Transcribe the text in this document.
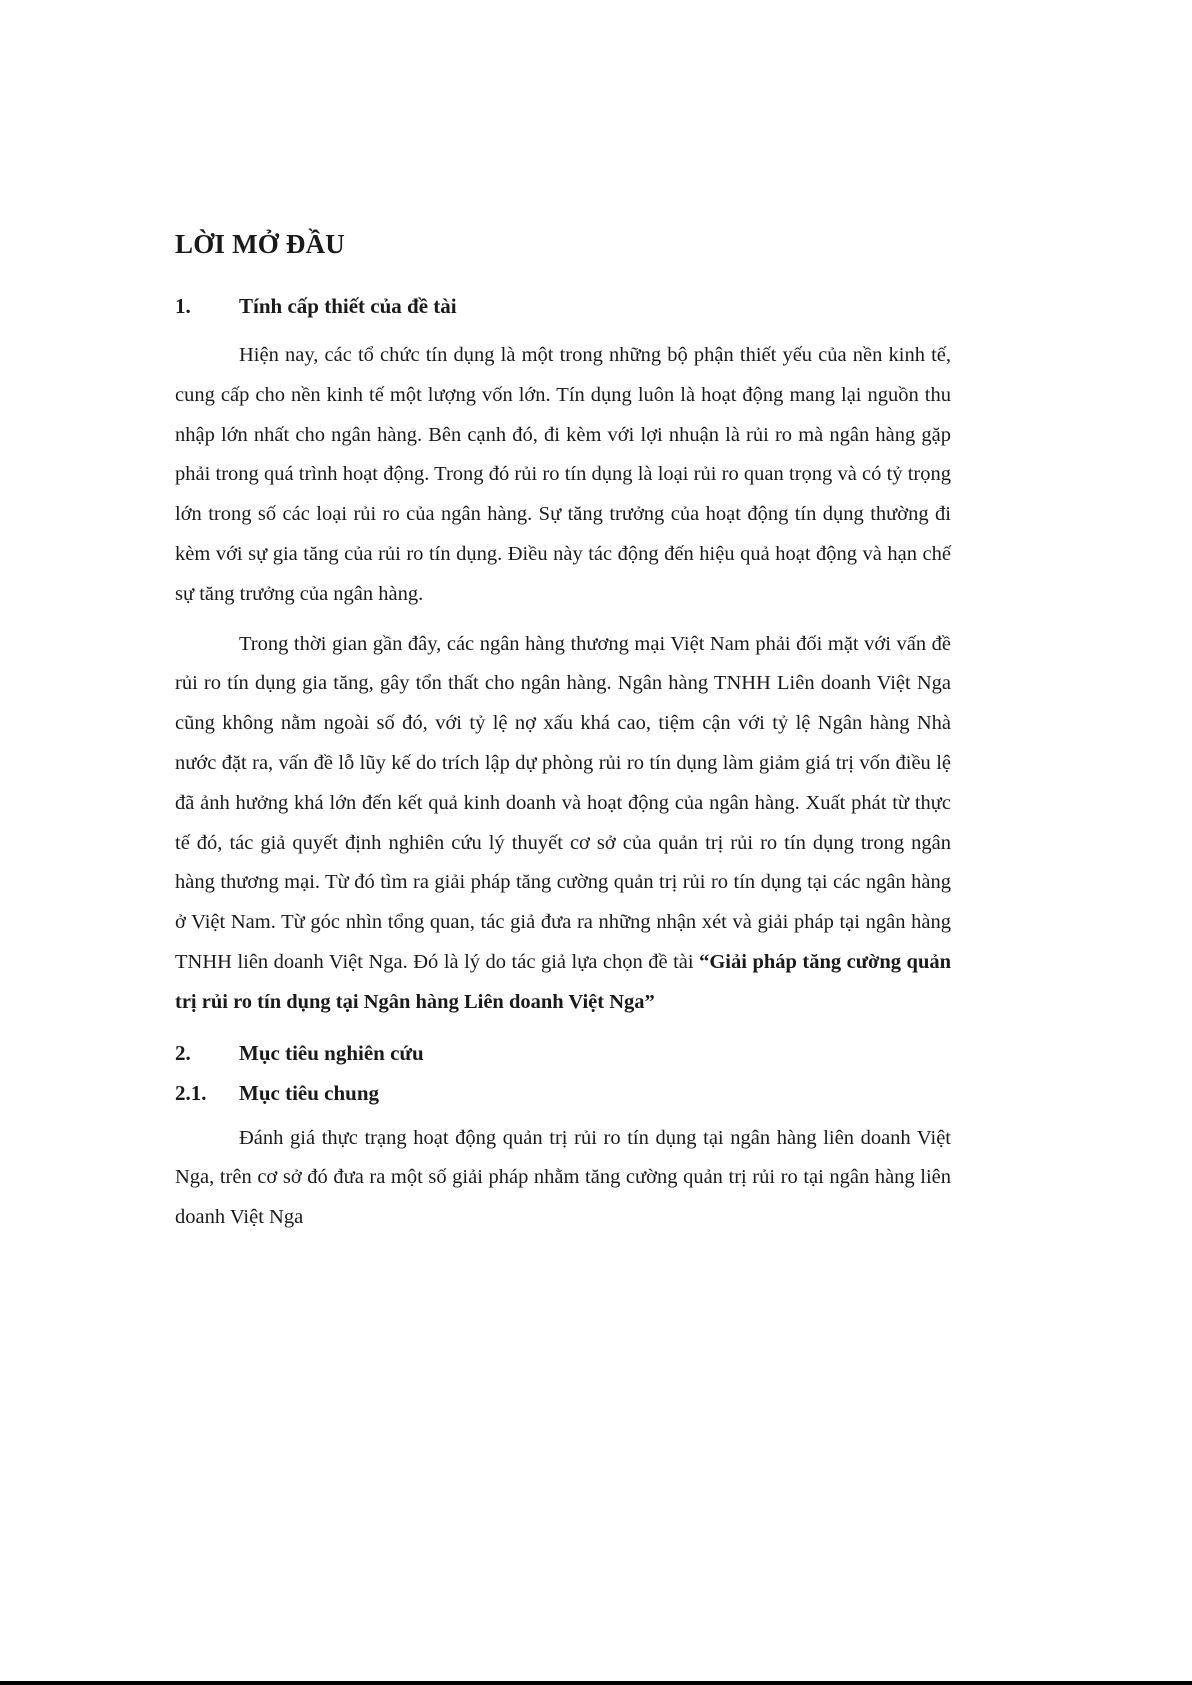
LỜI MỞ ĐẦU
1.	Tính cấp thiết của đề tài

Hiện nay, các tổ chức tín dụng là một trong những bộ phận thiết yếu của nền kinh tế, cung cấp cho nền kinh tế một lượng vốn lớn. Tín dụng luôn là hoạt động mang lại nguồn thu nhập lớn nhất cho ngân hàng. Bên cạnh đó, đi kèm với lợi nhuận là rủi ro mà ngân hàng gặp phải trong quá trình hoạt động. Trong đó rủi ro tín dụng là loại rủi ro quan trọng và có tỷ trọng lớn trong số các loại rủi ro của ngân hàng. Sự tăng trưởng của hoạt động tín dụng thường đi kèm với sự gia tăng của rủi ro tín dụng. Điều này tác động đến hiệu quả hoạt động và hạn chế sự tăng trưởng của ngân hàng.

Trong thời gian gần đây, các ngân hàng thương mại Việt Nam phải đối mặt với vấn đề rủi ro tín dụng gia tăng, gây tổn thất cho ngân hàng. Ngân hàng TNHH Liên doanh Việt Nga cũng không nằm ngoài số đó, với tỷ lệ nợ xấu khá cao, tiệm cận với tỷ lệ Ngân hàng Nhà nước đặt ra, vấn đề lỗ lũy kế do trích lập dự phòng rủi ro tín dụng làm giảm giá trị vốn điều lệ đã ảnh hưởng khá lớn đến kết quả kinh doanh và hoạt động của ngân hàng. Xuất phát từ thực tế đó, tác giả quyết định nghiên cứu lý thuyết cơ sở của quản trị rủi ro tín dụng trong ngân hàng thương mại. Từ đó tìm ra giải pháp tăng cường quản trị rủi ro tín dụng tại các ngân hàng ở Việt Nam. Từ góc nhìn tổng quan, tác giả đưa ra những nhận xét và giải pháp tại ngân hàng TNHH liên doanh Việt Nga. Đó là lý do tác giả lựa chọn đề tài “Giải pháp tăng cường quản trị rủi ro tín dụng tại Ngân hàng Liên doanh Việt Nga”

2.	Mục tiêu nghiên cứu
2.1.	Mục tiêu chung

Đánh giá thực trạng hoạt động quản trị rủi ro tín dụng tại ngân hàng liên doanh Việt Nga, trên cơ sở đó đưa ra một số giải pháp nhằm tăng cường quản trị rủi ro tại ngân hàng liên doanh Việt Nga
